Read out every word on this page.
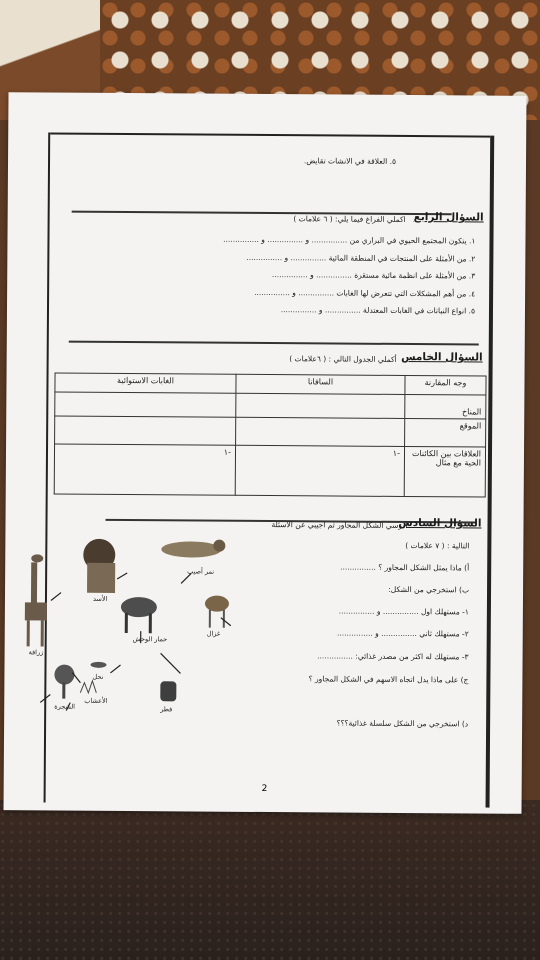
٥. العلاقة في الانشات تقايض.
السؤال الرابع
اكملي الفراغ فيما يلي: ( ٦ علامات )
١. يتكون المجتمع الحيوي في البراري من ............... و ............... و ...............
٢. من الأمثلة على المنتجات في المنطقة المائية ............... و ...............
٣. من الأمثلة على انظمة مائية مستقرة ............... و ...............
٤. من أهم المشكلات التي تتعرض لها الغابات ............... و ...............
٥. انواع النباتات في الغابات المعتدلة ............... و ...............
السؤال الخامس
أكملي الجدول التالي : ( ٦علامات )
وجه المقارنة	السافانا	الغابات الاستوائية
المناخ		
الموقع		
العلاقات بين الكائنات الحية مع مثال	-١	-١
السؤال السادس
ادرسي الشكل المجاور ثم اجيبي عن الاسئلة
التالية : ( ٧ علامات )
أ) ماذا يمثل الشكل المجاور ؟ ...............
ب) استخرجي من الشكل:
١- مستهلك اول ............... و ...............
٢- مستهلك ثاني ............... و ...............
٣- مستهلك له اكثر من مصدر غذائي: ...............
ج) على ماذا يدل اتجاه الاسهم في الشكل المجاور ؟
د) استخرجي من الشكل سلسلة غذائية؟؟؟
الأسد
نمر أصيب
زرافة
حمار الوحش
غزال
الشجرة
الأعشاب
فطر
نحل
2
